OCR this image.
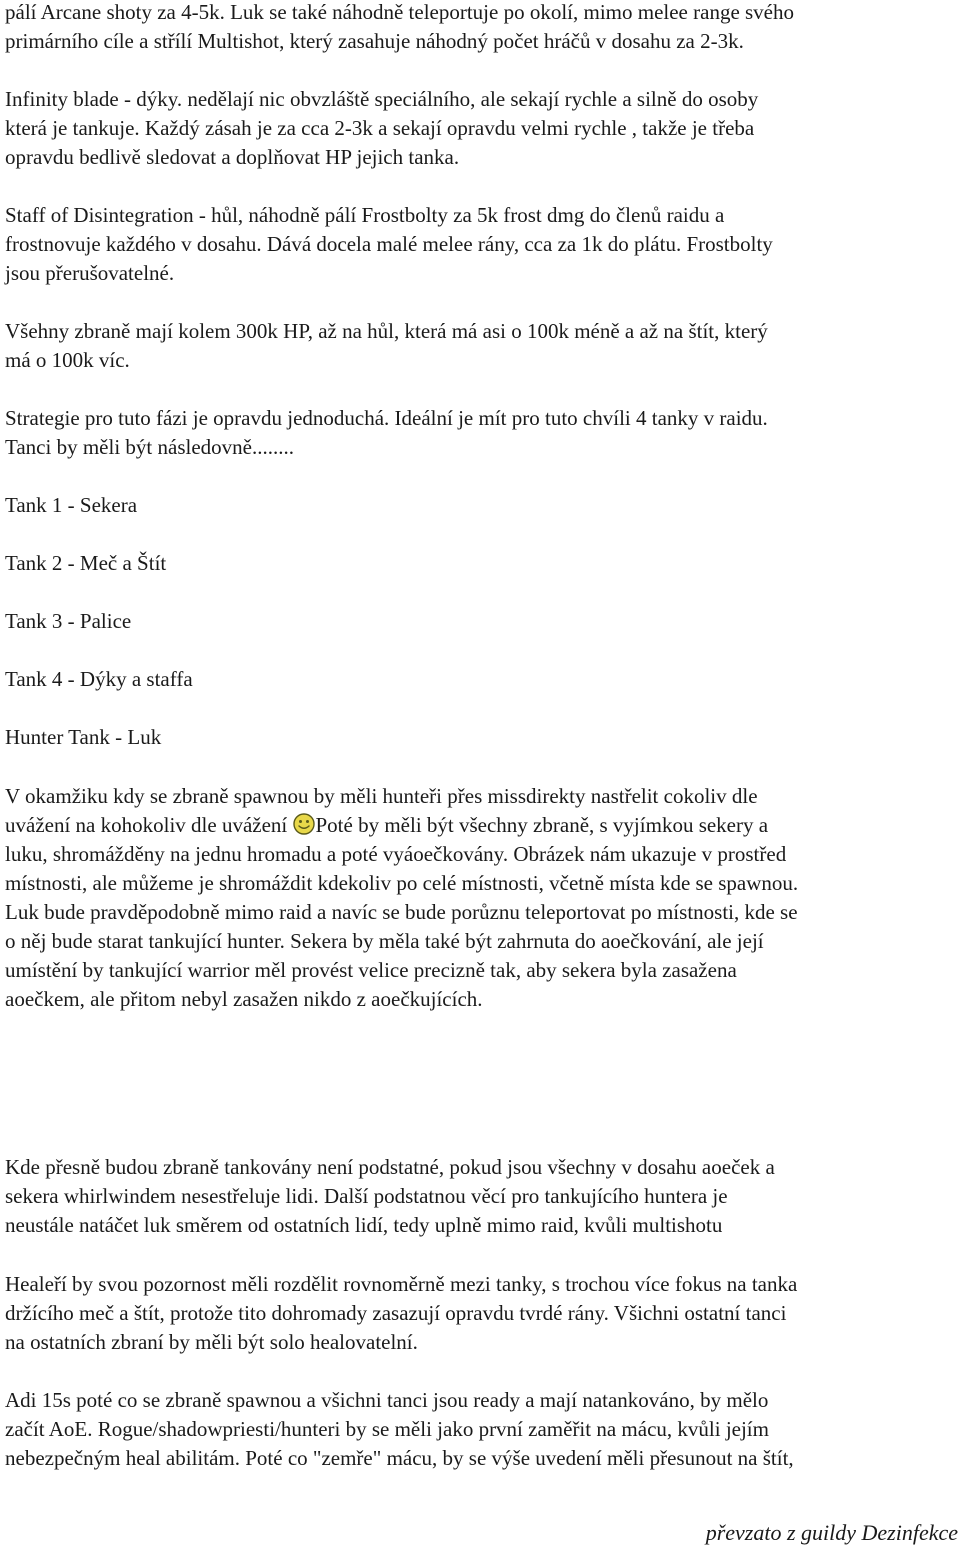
pálí Arcane shoty za 4-5k. Luk se také náhodně teleportuje po okolí, mimo melee range svého

primárního cíle a střílí Multishot, který zasahuje náhodný počet hráčů v dosahu za 2-3k.

Infinity blade - dýky. nedělají nic obvzláště speciálního, ale sekají rychle a silně do osoby

která je tankuje. Každý zásah je za cca 2-3k a sekají opravdu velmi rychle , takže je třeba

opravdu bedlivě sledovat a doplňovat HP jejich tanka.

Staff of Disintegration - hůl, náhodně pálí Frostbolty za 5k frost dmg do členů raidu a

frostnovuje každého v dosahu. Dává docela malé melee rány, cca za 1k do plátu. Frostbolty

jsou přerušovatelné.

Všehny zbraně mají kolem 300k HP, až na hůl, která má asi o 100k méně a až na štít, který

má o 100k víc.

Strategie pro tuto fázi je opravdu jednoduchá. Ideální je mít pro tuto chvíli 4 tanky v raidu.

Tanci by měli být následovně........

Tank 1 - Sekera

Tank 2 - Meč a Štít

Tank 3 - Palice

Tank 4 - Dýky a staffa

Hunter Tank - Luk

V okamžiku kdy se zbraně spawnou by měli hunteři přes missdirekty nastřelit cokoliv dle

uvážení na kohokoliv dle uvážení Poté by měli být všechny zbraně, s vyjímkou sekery a

luku, shromážděny na jednu hromadu a poté vyáoečkovány. Obrázek nám ukazuje v prostřed

místnosti, ale můžeme je shromáždit kdekoliv po celé místnosti, včetně místa kde se spawnou.

Luk bude pravděpodobně mimo raid a navíc se bude porůznu teleportovat po místnosti, kde se

o něj bude starat tankující hunter. Sekera by měla také být zahrnuta do aoečkování, ale její

umístění by tankující warrior měl provést velice precizně tak, aby sekera byla zasažena

aoečkem, ale přitom nebyl zasažen nikdo z aoečkujících.

Kde přesně budou zbraně tankovány není podstatné, pokud jsou všechny v dosahu aoeček a

sekera whirlwindem nesestřeluje lidi. Další podstatnou věcí pro tankujícího huntera je

neustále natáčet luk směrem od ostatních lidí, tedy uplně mimo raid, kvůli multishotu

Healeří by svou pozornost měli rozdělit rovnoměrně mezi tanky, s trochou více fokus na tanka

držícího meč a štít, protože tito dohromady zasazují opravdu tvrdé rány. Všichni ostatní tanci

na ostatních zbraní by měli být solo healovatelní.

Adi 15s poté co se zbraně spawnou a všichni tanci jsou ready a mají natankováno, by mělo

začít AoE. Rogue/shadowpriesti/hunteri by se měli jako první zaměřit na mácu, kvůli jejím

nebezpečným heal abilitám. Poté co "zemře" mácu, by se výše uvedení měli přesunout na štít,

převzato z guildy Dezinfekce
